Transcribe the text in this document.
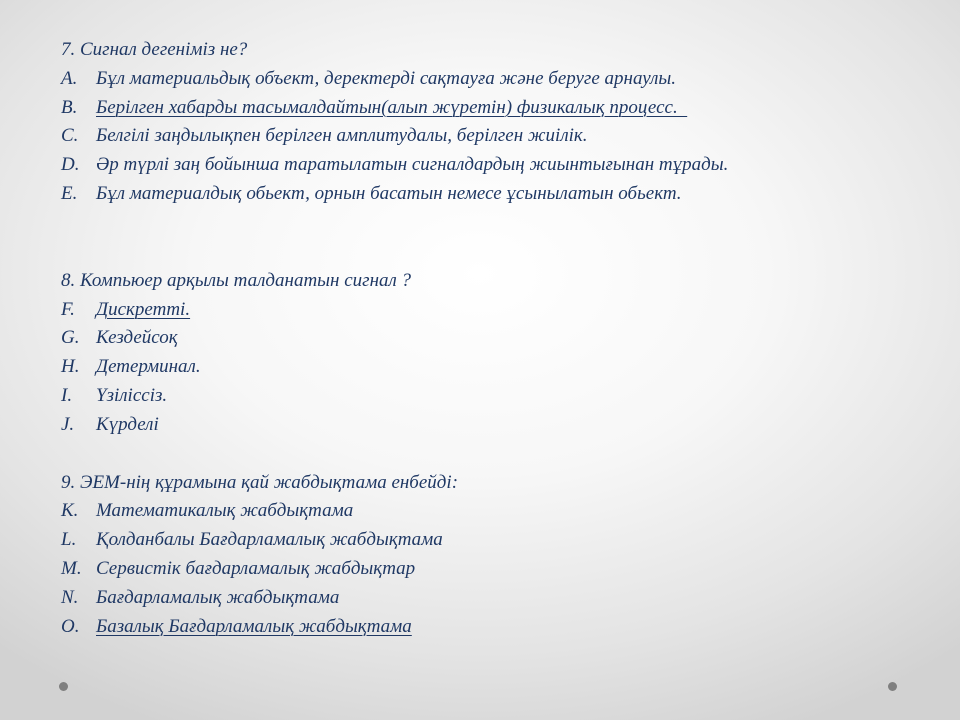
7. Сигнал дегеніміз не?
A. Бұл материальдық объект, деректерді сақтауға және беруге арнаулы.
B. Берілген хабарды тасымалдайтын(алып жүретін) физикалық процесс.
C. Белгілі заңдылықпен берілген амплитудалы, берілген жиілік.
D. Әр түрлі заң бойынша таратылатын сигналдардың жиынтығынан тұрады.
E. Бұл материалдық обьект, орнын басатын немесе ұсынылатын обьект.
8. Компьюер арқылы талданатын сигнал ?
F.	Дискретті.
G. Кездейсоқ
H. Детерминал.
I.	Үзіліссіз.
J.	Күрделі
9. ЭЕМ-нің құрамына қай жабдықтама енбейді:
K. Математикалық жабдықтама
L.	Қолданбалы Бағдарламалық жабдықтама
M. Сервистік бағдарламалық жабдықтар
N. Бағдарламалық жабдықтама
O. Базалық Бағдарламалық жабдықтама
